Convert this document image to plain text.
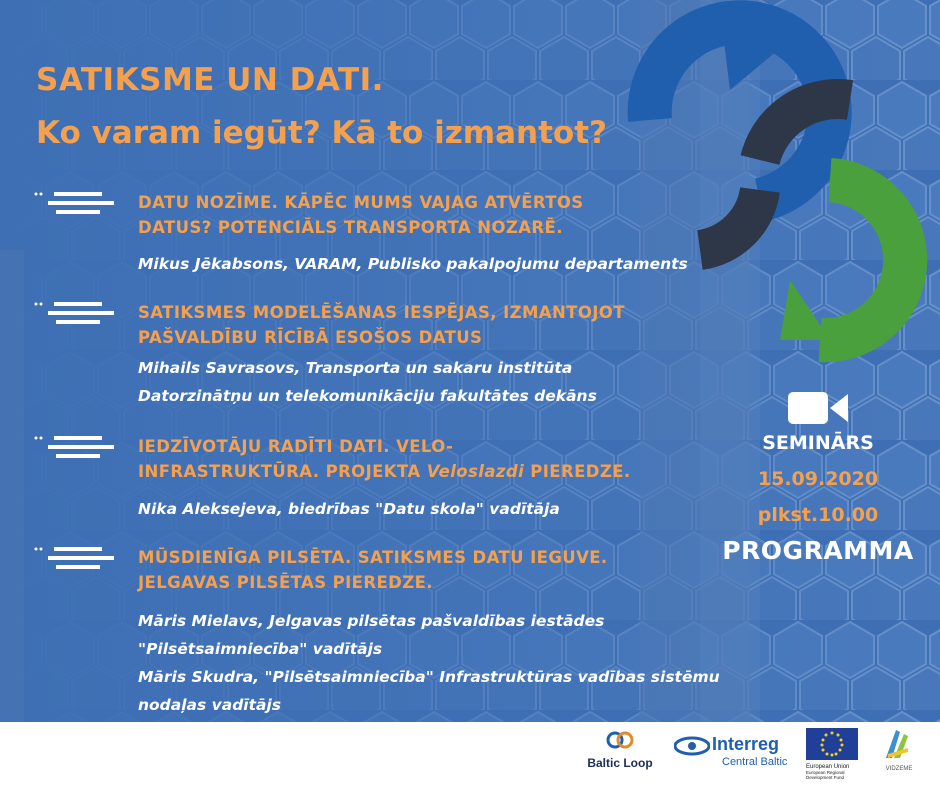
SATIKSME UN DATI.
Ko varam iegūt? Kā to izmantot?
DATU NOZĪME. KĀPĒC MUMS VAJAG ATVĒRTOS
DATUS? POTENCIĀLS TRANSPORTA NOZARĒ.
Mikus Jēkabsons, VARAM, Publisko pakalpojumu departaments
SATIKSMES MODELĒŠANAS IESPĒJAS, IZMANTOJOT
PAŠVALDĪBU RĪCĪBĀ ESOŠOS DATUS
Mihails Savrasovs, Transporta un sakaru institūta
Datorzinātņu un telekomunikāciju fakultātes dekāns
IEDZĪVOTĀJU RADĪTI DATI. VELO-
INFRASTRUKTŪRA. PROJEKTA Veloslazdi PIEREDZE.
Nika Aleksejeva, biedrības "Datu skola" vadītāja
MŪSDIENĪGA PILSĒTA. SATIKSMES DATU IEGUVE.
JELGAVAS PILSĒTAS PIEREDZE.
Māris Mielavs, Jelgavas pilsētas pašvaldības iestādes
"Pilsētsaimniecība" vadītājs
Māris Skudra, "Pilsētsaimniecība" Infrastruktūras vadības sistēmu
nodaļas vadītājs
SEMINĀRS
15.09.2020
plkst.10.00
PROGRAMMA
Baltic Loop
Interreg
Central Baltic	European Union
European Regional
Development Fund
VIDZEME
